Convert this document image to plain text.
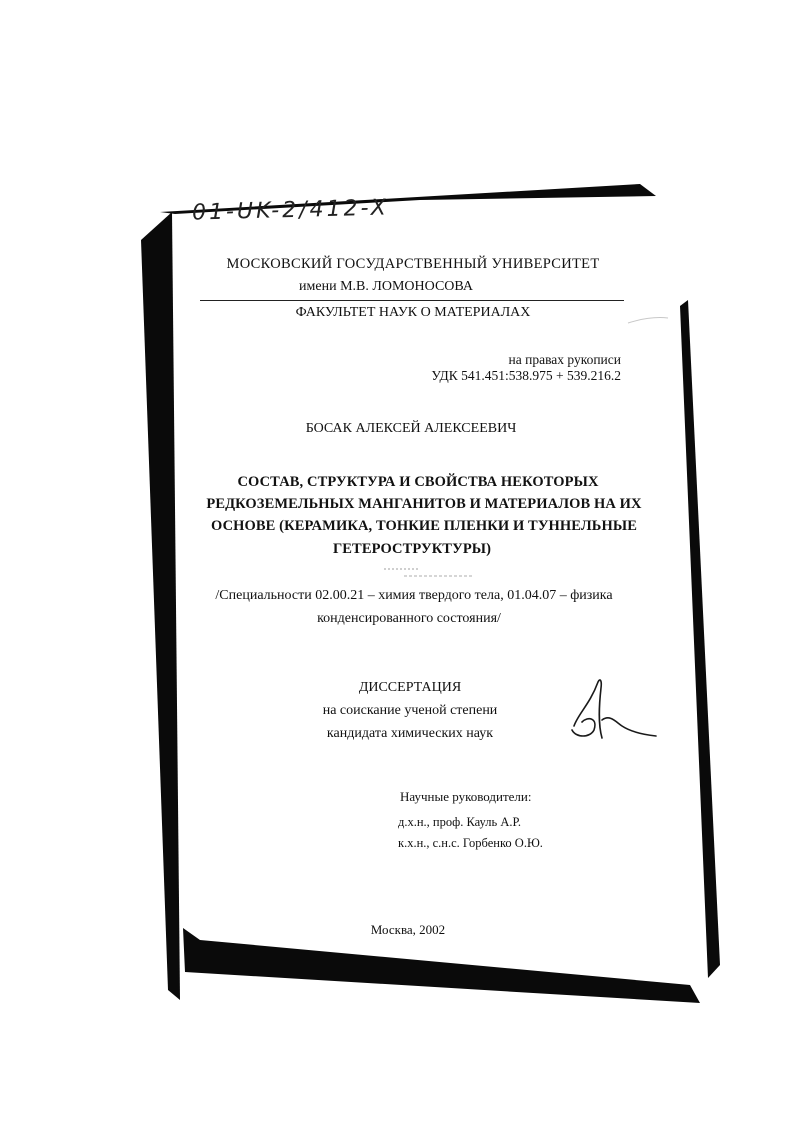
01-UK-2/412-X
МОСКОВСКИЙ ГОСУДАРСТВЕННЫЙ УНИВЕРСИТЕТ
имени М.В. ЛОМОНОСОВА
ФАКУЛЬТЕТ НАУК О МАТЕРИАЛАХ
на правах рукописи
УДК 541.451:538.975 + 539.216.2
БОСАК АЛЕКСЕЙ АЛЕКСЕЕВИЧ
СОСТАВ, СТРУКТУРА И СВОЙСТВА НЕКОТОРЫХ
РЕДКОЗЕМЕЛЬНЫХ МАНГАНИТОВ И МАТЕРИАЛОВ НА ИХ
ОСНОВЕ (КЕРАМИКА, ТОНКИЕ ПЛЕНКИ И ТУННЕЛЬНЫЕ
ГЕТЕРОСТРУКТУРЫ)
/Специальности 02.00.21 – химия твердого тела, 01.04.07 – физика
конденсированного состояния/
ДИССЕРТАЦИЯ
на соискание ученой степени
кандидата химических наук
Научные руководители:
д.х.н., проф. Кауль А.Р.
к.х.н., с.н.с. Горбенко О.Ю.
Москва, 2002
